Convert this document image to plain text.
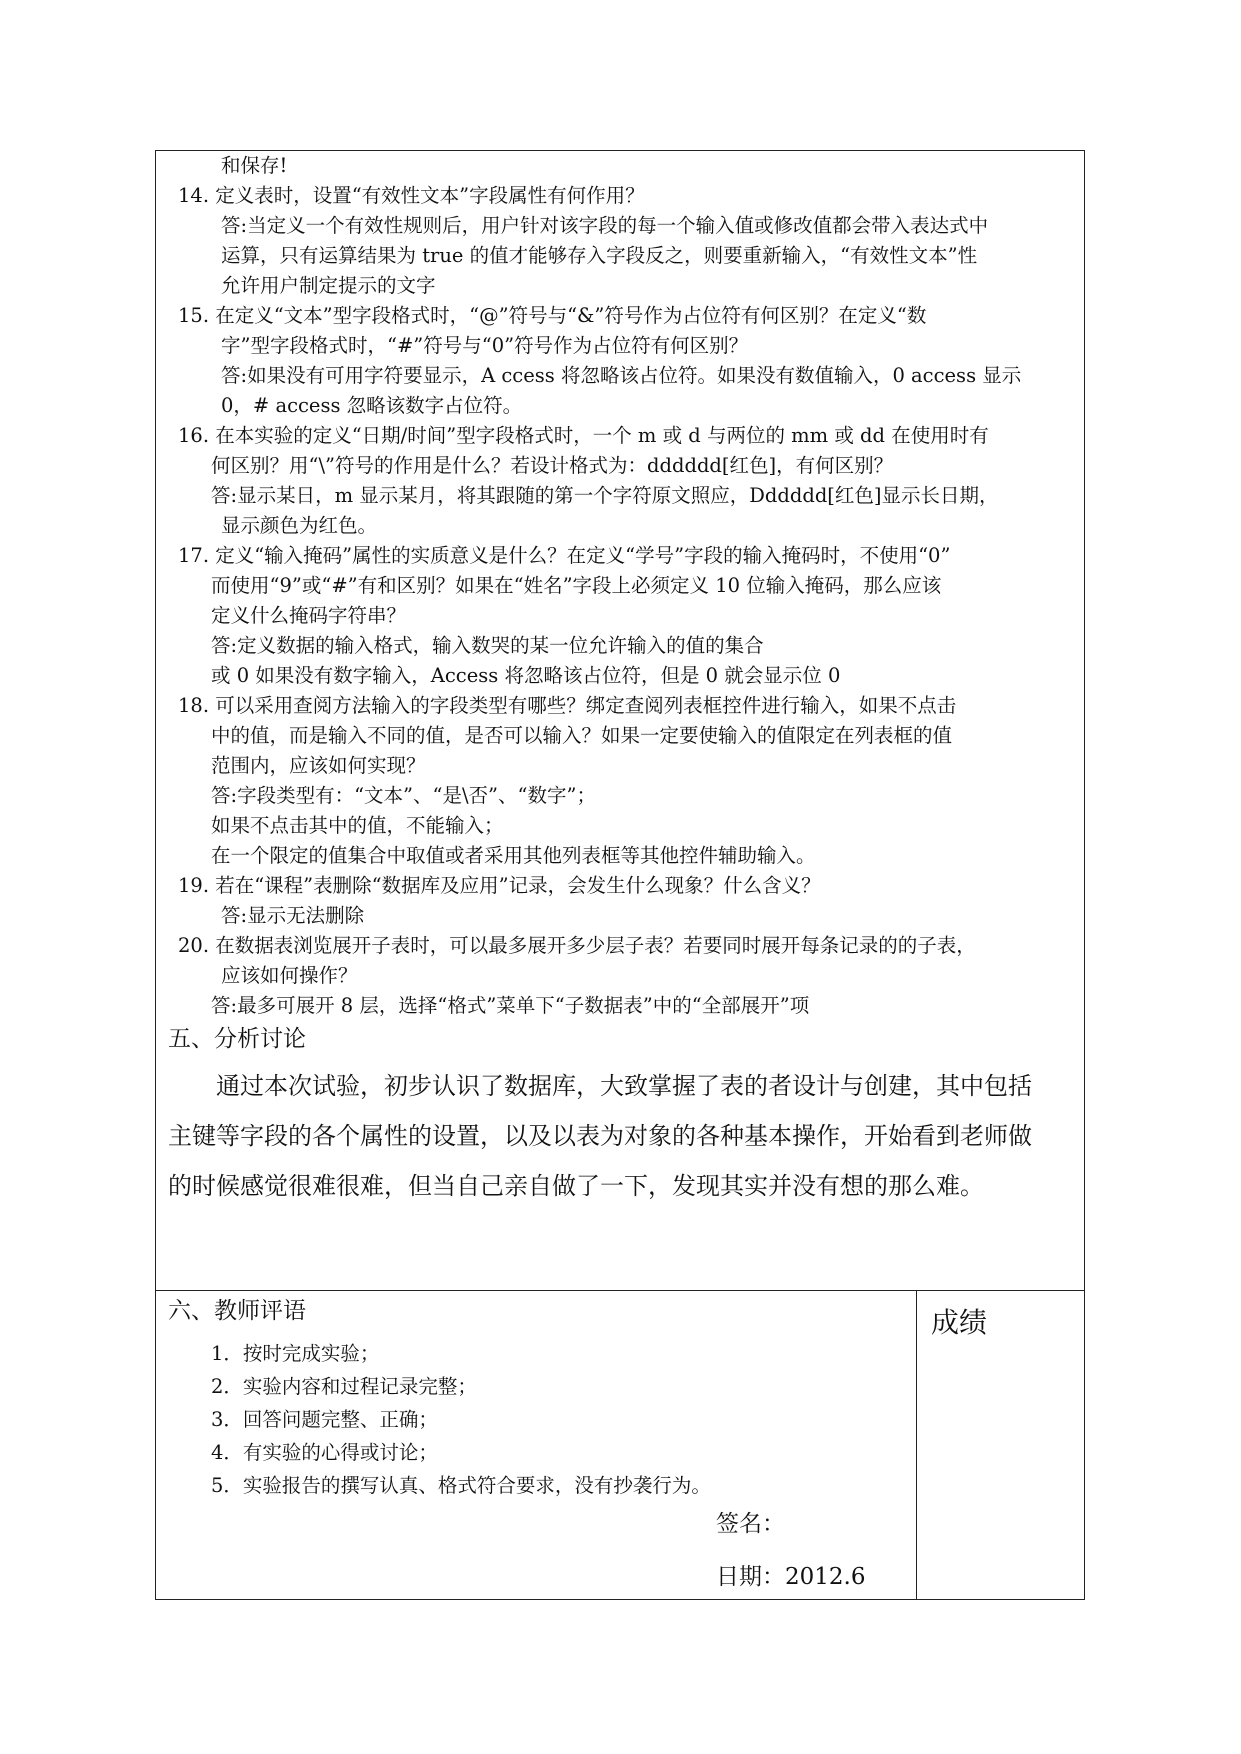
和保存!
14. 定义表时，设置“有效性文本”字段属性有何作用？
答:当定义一个有效性规则后，用户针对该字段的每一个输入值或修改值都会带入表达式中
运算，只有运算结果为 true 的值才能够存入字段反之，则要重新输入，“有效性文本”性
允许用户制定提示的文字
15. 在定义“文本”型字段格式时，“@”符号与“&”符号作为占位符有何区别？在定义“数
字”型字段格式时，“#”符号与“0”符号作为占位符有何区别？
答:如果没有可用字符要显示，A ccess 将忽略该占位符。如果没有数值输入，0 access 显示
0，# access 忽略该数字占位符。
16. 在本实验的定义“日期/时间”型字段格式时，一个 m 或 d 与两位的 mm 或 dd 在使用时有
何区别？用“\”符号的作用是什么？若设计格式为：dddddd[红色]，有何区别？
答:显示某日，m 显示某月，将其跟随的第一个字符原文照应，Dddddd[红色]显示长日期，
显示颜色为红色。
17. 定义“输入掩码”属性的实质意义是什么？在定义“学号”字段的输入掩码时，不使用“0”
而使用“9”或“#”有和区别？如果在“姓名”字段上必须定义 10 位输入掩码，那么应该
定义什么掩码字符串？
答:定义数据的输入格式，输入数哭的某一位允许输入的值的集合
或 0 如果没有数字输入，Access 将忽略该占位符，但是 0 就会显示位 0
18. 可以采用查阅方法输入的字段类型有哪些？绑定查阅列表框控件进行输入，如果不点击
中的值，而是输入不同的值，是否可以输入？如果一定要使输入的值限定在列表框的值
范围内，应该如何实现？
答:字段类型有：“文本”、“是\否”、“数字”；
如果不点击其中的值，不能输入；
在一个限定的值集合中取值或者采用其他列表框等其他控件辅助输入。
19. 若在“课程”表删除“数据库及应用”记录，会发生什么现象？什么含义？
答:显示无法删除
20. 在数据表浏览展开子表时，可以最多展开多少层子表？若要同时展开每条记录的的子表，
应该如何操作？
答:最多可展开 8 层，选择“格式”菜单下“子数据表”中的“全部展开”项
五、分析讨论
通过本次试验，初步认识了数据库，大致掌握了表的者设计与创建，其中包括
主键等字段的各个属性的设置，以及以表为对象的各种基本操作，开始看到老师做
的时候感觉很难很难，但当自己亲自做了一下，发现其实并没有想的那么难。
六、教师评语
1．按时完成实验；
2．实验内容和过程记录完整；
3．回答问题完整、正确；
4．有实验的心得或讨论；
5．实验报告的撰写认真、格式符合要求，没有抄袭行为。
签名：
日期：2012.6
成绩
